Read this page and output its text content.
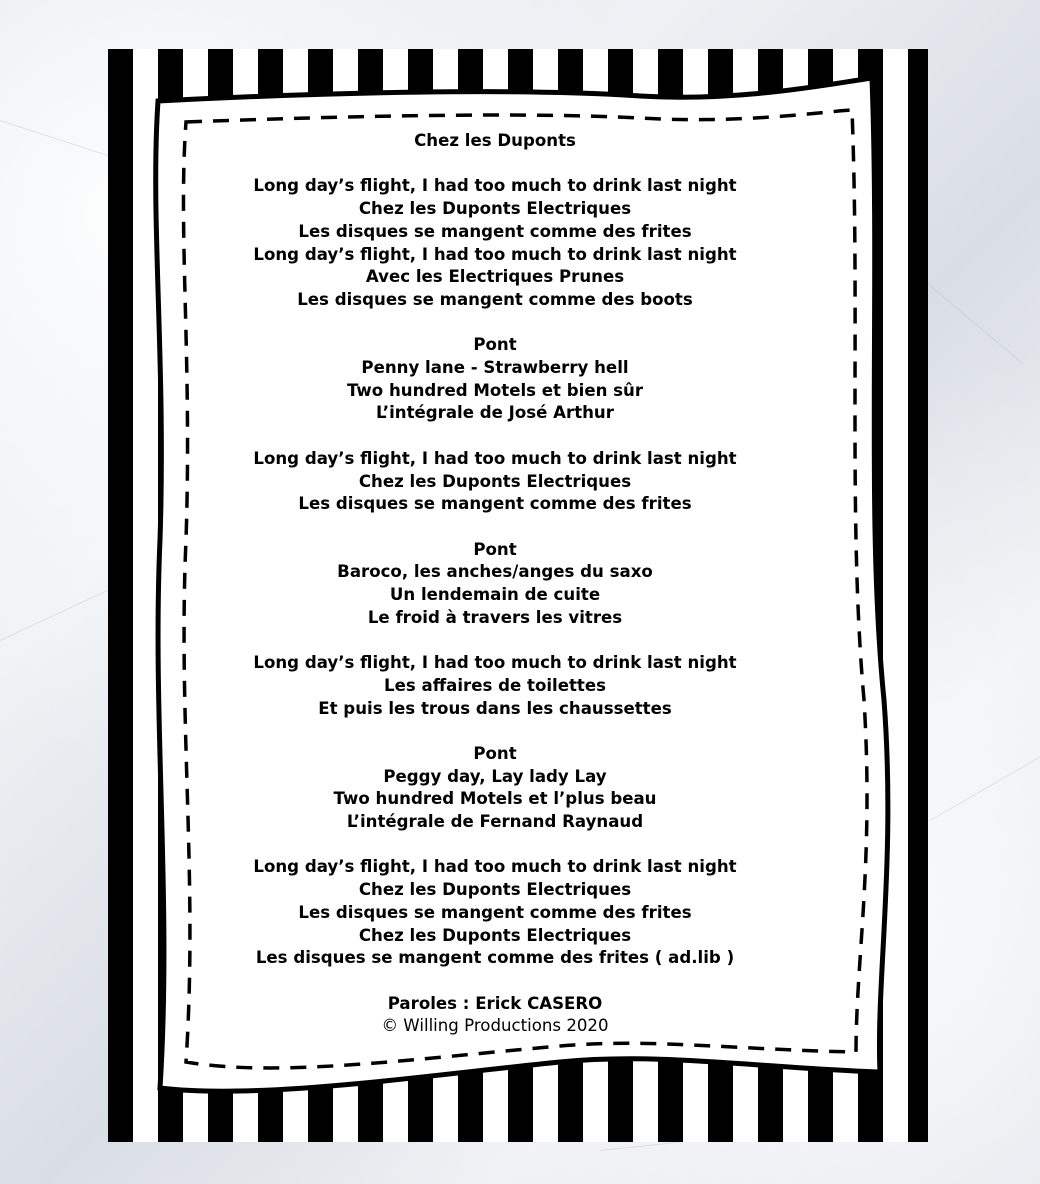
Chez les Duponts
Long day’s flight, I had too much to drink last night
Chez les Duponts Electriques
Les disques se mangent comme des frites
Long day’s flight, I had too much to drink last night
Avec les Electriques Prunes
Les disques se mangent comme des boots
Pont
Penny lane - Strawberry hell
Two hundred Motels et bien sûr
L’intégrale de José Arthur
Long day’s flight, I had too much to drink last night
Chez les Duponts Electriques
Les disques se mangent comme des frites
Pont
Baroco, les anches/anges du saxo
Un lendemain de cuite
Le froid à travers les vitres
Long day’s flight, I had too much to drink last night
Les affaires de toilettes
Et puis les trous dans les chaussettes
Pont
Peggy day, Lay lady Lay
Two hundred Motels et l’plus beau
L’intégrale de Fernand Raynaud
Long day’s flight, I had too much to drink last night
Chez les Duponts Electriques
Les disques se mangent comme des frites
Chez les Duponts Electriques
Les disques se mangent comme des frites ( ad.lib )
Paroles : Erick CASERO
© Willing Productions 2020
